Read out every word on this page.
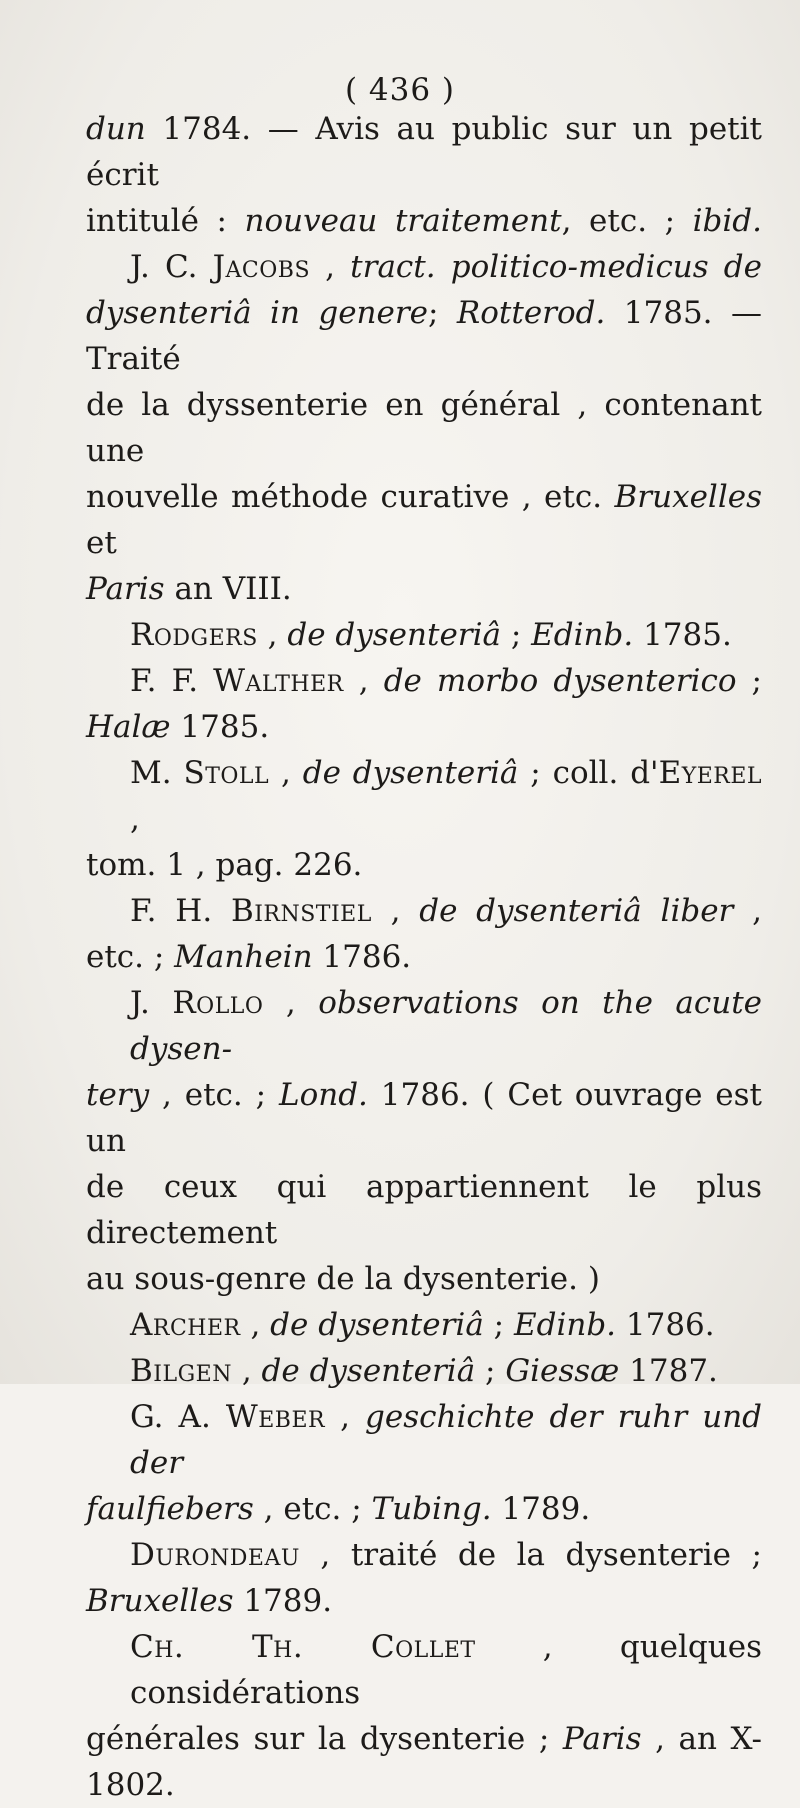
( 436 )
dun 1784. — Avis au public sur un petit écrit
intitulé : nouveau traitement, etc. ; ibid.
J. C. Jacobs , tract. politico-medicus de
dysenteriâ in genere; Rotterod. 1785. — Traité
de la dyssenterie en général , contenant une
nouvelle méthode curative , etc. Bruxelles et
Paris an VIII.
Rodgers , de dysenteriâ ; Edinb. 1785.
F. F. Walther , de morbo dysenterico ;
Halæ 1785.
M. Stoll , de dysenteriâ ; coll. d'Eyerel ,
tom. 1 , pag. 226.
F. H. Birnstiel , de dysenteriâ liber ,
etc. ; Manhein 1786.
J. Rollo , observations on the acute dysen-
tery , etc. ; Lond. 1786. ( Cet ouvrage est un
de ceux qui appartiennent le plus directement
au sous-genre de la dysenterie. )
Archer , de dysenteriâ ; Edinb. 1786.
Bilgen , de dysenteriâ ; Giessæ 1787.
G. A. Weber , geschichte der ruhr und der
faulfiebers , etc. ; Tubing. 1789.
Durondeau , traité de la dysenterie ;
Bruxelles 1789.
Ch. Th. Collet , quelques considérations
générales sur la dysenterie ; Paris , an X-
1802.
